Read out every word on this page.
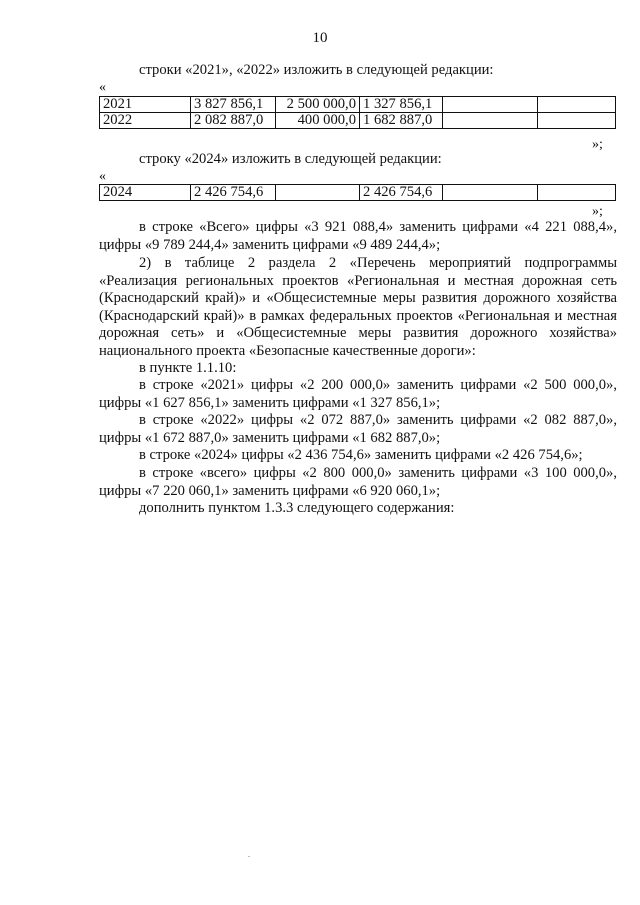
10
строки «2021», «2022» изложить в следующей редакции:
«
2021	3 827 856,1	2 500 000,0	1 327 856,1		
2022	2 082 887,0	400 000,0	1 682 887,0		
»;
строку «2024» изложить в следующей редакции:
«
2024	2 426 754,6		2 426 754,6		
»;
в строке «Всего» цифры «3 921 088,4» заменить цифрами «4 221 088,4», цифры «9 789 244,4» заменить цифрами «9 489 244,4»;
2) в таблице 2 раздела 2 «Перечень мероприятий подпрограммы «Реализация региональных проектов «Региональная и местная дорожная сеть (Краснодарский край)» и «Общесистемные меры развития дорожного хозяйства (Краснодарский край)» в рамках федеральных проектов «Региональная и местная дорожная сеть» и «Общесистемные меры развития дорожного хозяйства» национального проекта «Безопасные качественные дороги»:
в пункте 1.1.10:
в строке «2021» цифры «2 200 000,0» заменить цифрами «2 500 000,0», цифры «1 627 856,1» заменить цифрами «1 327 856,1»;
в строке «2022» цифры «2 072 887,0» заменить цифрами «2 082 887,0», цифры «1 672 887,0» заменить цифрами «1 682 887,0»;
в строке «2024» цифры «2 436 754,6» заменить цифрами «2 426 754,6»;
в строке «всего» цифры «2 800 000,0» заменить цифрами «3 100 000,0», цифры «7 220 060,1» заменить цифрами «6 920 060,1»;
дополнить пунктом 1.3.3 следующего содержания:
